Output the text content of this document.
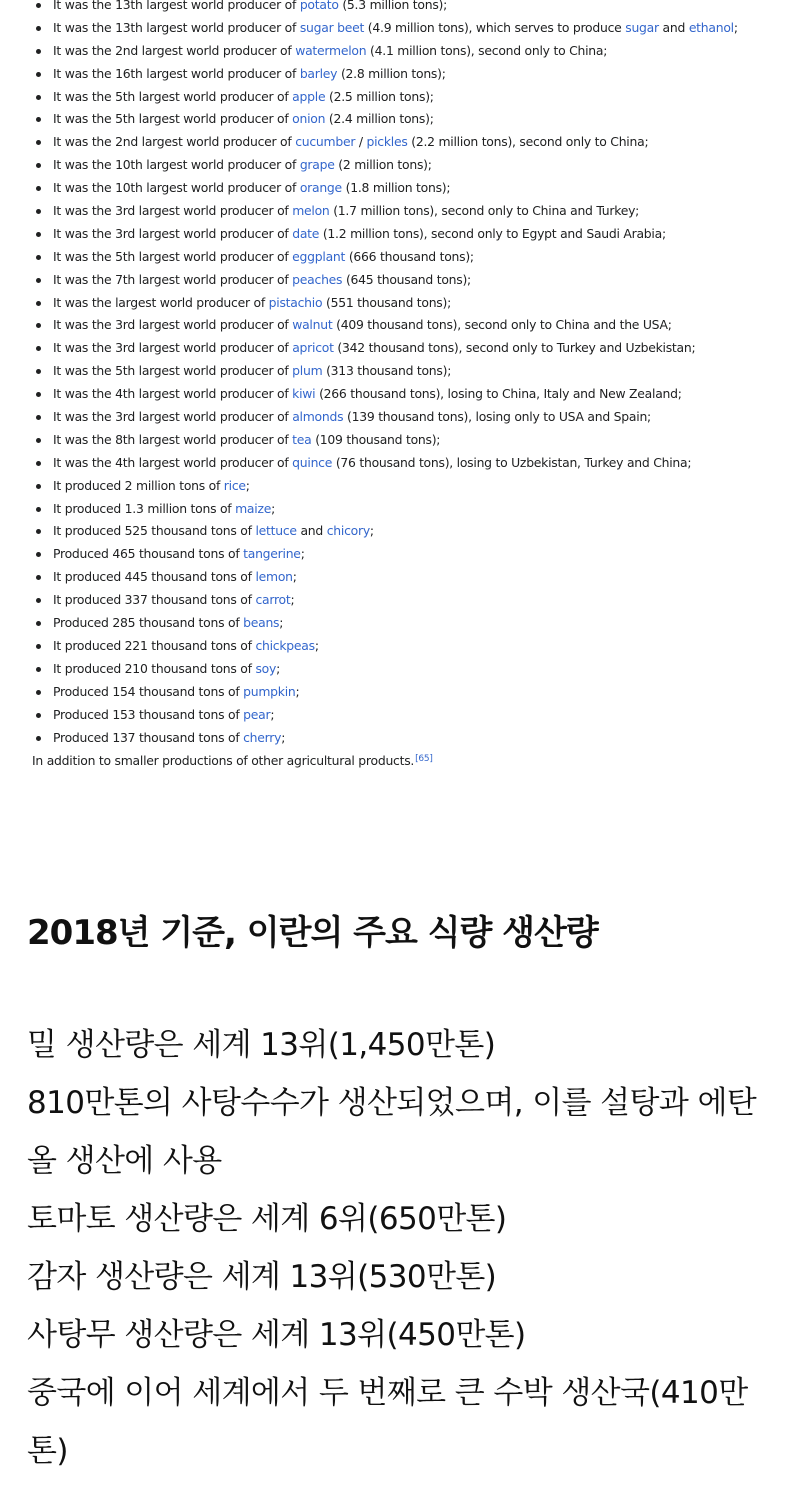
It was the 13th largest world producer of potato (5.3 million tons);
It was the 13th largest world producer of sugar beet (4.9 million tons), which serves to produce sugar and ethanol;
It was the 2nd largest world producer of watermelon (4.1 million tons), second only to China;
It was the 16th largest world producer of barley (2.8 million tons);
It was the 5th largest world producer of apple (2.5 million tons);
It was the 5th largest world producer of onion (2.4 million tons);
It was the 2nd largest world producer of cucumber / pickles (2.2 million tons), second only to China;
It was the 10th largest world producer of grape (2 million tons);
It was the 10th largest world producer of orange (1.8 million tons);
It was the 3rd largest world producer of melon (1.7 million tons), second only to China and Turkey;
It was the 3rd largest world producer of date (1.2 million tons), second only to Egypt and Saudi Arabia;
It was the 5th largest world producer of eggplant (666 thousand tons);
It was the 7th largest world producer of peaches (645 thousand tons);
It was the largest world producer of pistachio (551 thousand tons);
It was the 3rd largest world producer of walnut (409 thousand tons), second only to China and the USA;
It was the 3rd largest world producer of apricot (342 thousand tons), second only to Turkey and Uzbekistan;
It was the 5th largest world producer of plum (313 thousand tons);
It was the 4th largest world producer of kiwi (266 thousand tons), losing to China, Italy and New Zealand;
It was the 3rd largest world producer of almonds (139 thousand tons), losing only to USA and Spain;
It was the 8th largest world producer of tea (109 thousand tons);
It was the 4th largest world producer of quince (76 thousand tons), losing to Uzbekistan, Turkey and China;
It produced 2 million tons of rice;
It produced 1.3 million tons of maize;
It produced 525 thousand tons of lettuce and chicory;
Produced 465 thousand tons of tangerine;
It produced 445 thousand tons of lemon;
It produced 337 thousand tons of carrot;
Produced 285 thousand tons of beans;
It produced 221 thousand tons of chickpeas;
It produced 210 thousand tons of soy;
Produced 154 thousand tons of pumpkin;
Produced 153 thousand tons of pear;
Produced 137 thousand tons of cherry;
In addition to smaller productions of other agricultural products.[65]
2018년 기준, 이란의 주요 식량 생산량

밀 생산량은 세계 13위(1,450만톤)

810만톤의 사탕수수가 생산되었으며, 이를 설탕과 에탄올 생산에 사용

토마토 생산량은 세계 6위(650만톤)

감자 생산량은 세계 13위(530만톤)

사탕무 생산량은 세계 13위(450만톤)

중국에 이어 세계에서 두 번째로 큰 수박 생산국(410만톤)
